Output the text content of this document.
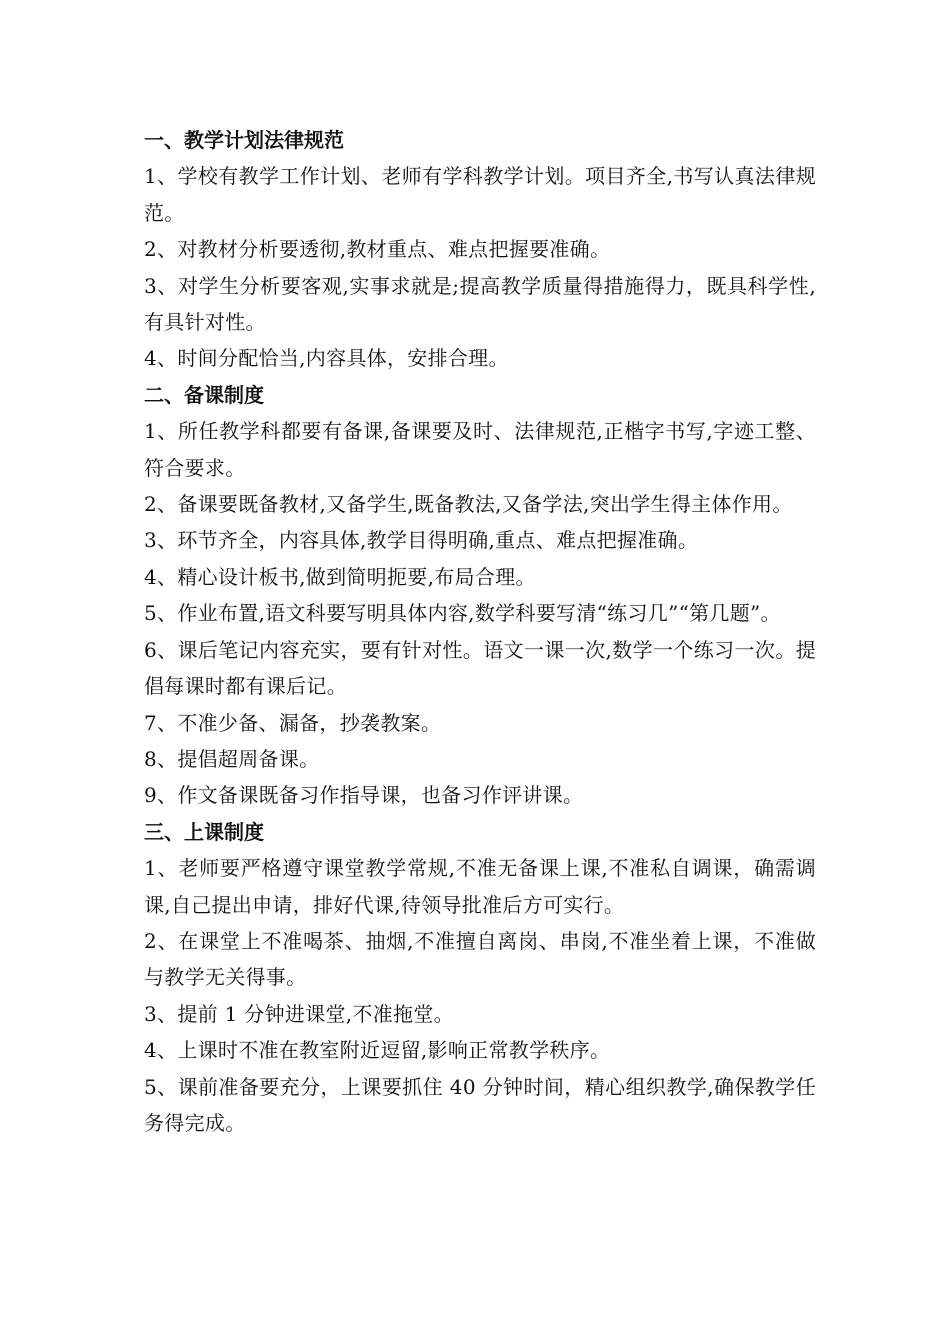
一、教学计划法律规范

1、学校有教学工作计划、老师有学科教学计划。项目齐全,书写认真法律规范。

2、对教材分析要透彻,教材重点、难点把握要准确。

3、对学生分析要客观,实事求就是;提高教学质量得措施得力，既具科学性,有具针对性。

4、时间分配恰当,内容具体，安排合理。

二、备课制度

1、所任教学科都要有备课,备课要及时、法律规范,正楷字书写,字迹工整、符合要求。

2、备课要既备教材,又备学生,既备教法,又备学法,突出学生得主体作用。

3、环节齐全，内容具体,教学目得明确,重点、难点把握准确。

4、精心设计板书,做到简明扼要,布局合理。

5、作业布置,语文科要写明具体内容,数学科要写清“练习几”“第几题”。

6、课后笔记内容充实，要有针对性。语文一课一次,数学一个练习一次。提倡每课时都有课后记。

7、不准少备、漏备，抄袭教案。

8、提倡超周备课。

9、作文备课既备习作指导课，也备习作评讲课。

三、上课制度

1、老师要严格遵守课堂教学常规,不准无备课上课,不准私自调课，确需调课,自己提出申请，排好代课,待领导批准后方可实行。

2、在课堂上不准喝茶、抽烟,不准擅自离岗、串岗,不准坐着上课，不准做与教学无关得事。

3、提前 1 分钟进课堂,不准拖堂。

4、上课时不准在教室附近逗留,影响正常教学秩序。

5、课前准备要充分，上课要抓住 40 分钟时间，精心组织教学,确保教学任务得完成。
